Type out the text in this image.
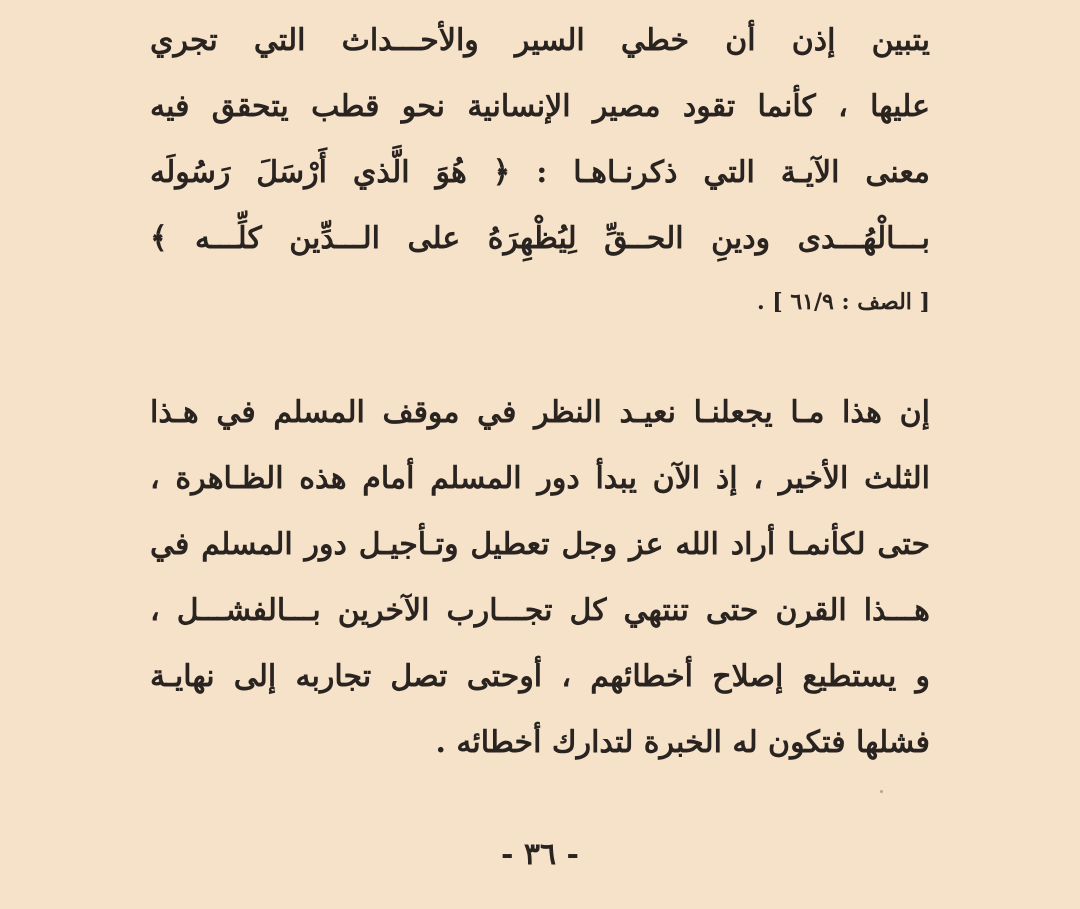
يتبين إذن أن خطي السير والأحـــداث التي تجري
عليها ، كأنما تقود مصير الإنسانية نحو قطب يتحقق فيه
معنى الآيـة التي ذكرنـاهـا : ﴿ هُوَ الَّذي أَرْسَلَ رَسُولَه
بـــالْهُـــدى ودينِ الحــقِّ لِيُظْهِرَهُ على الـــدِّين كلِّـــه ﴾
[ الصف : ٦١/٩ ] .
إن هذا مـا يجعلنـا نعيـد النظر في موقف المسلم في هـذا
الثلث الأخير ، إذ الآن يبدأ دور المسلم أمام هذه الظـاهرة ،
حتى لكأنمـا أراد الله عز وجل تعطيل وتـأجيـل دور المسلم في
هـــذا القرن حتى تنتهي كل تجـــارب الآخرين بـــالفشـــل ،
و يستطيع إصلاح أخطائهم ، أوحتى تصل تجاربه إلى نهايـة
فشلها فتكون له الخبرة لتدارك أخطائه .
- ٣٦ -
